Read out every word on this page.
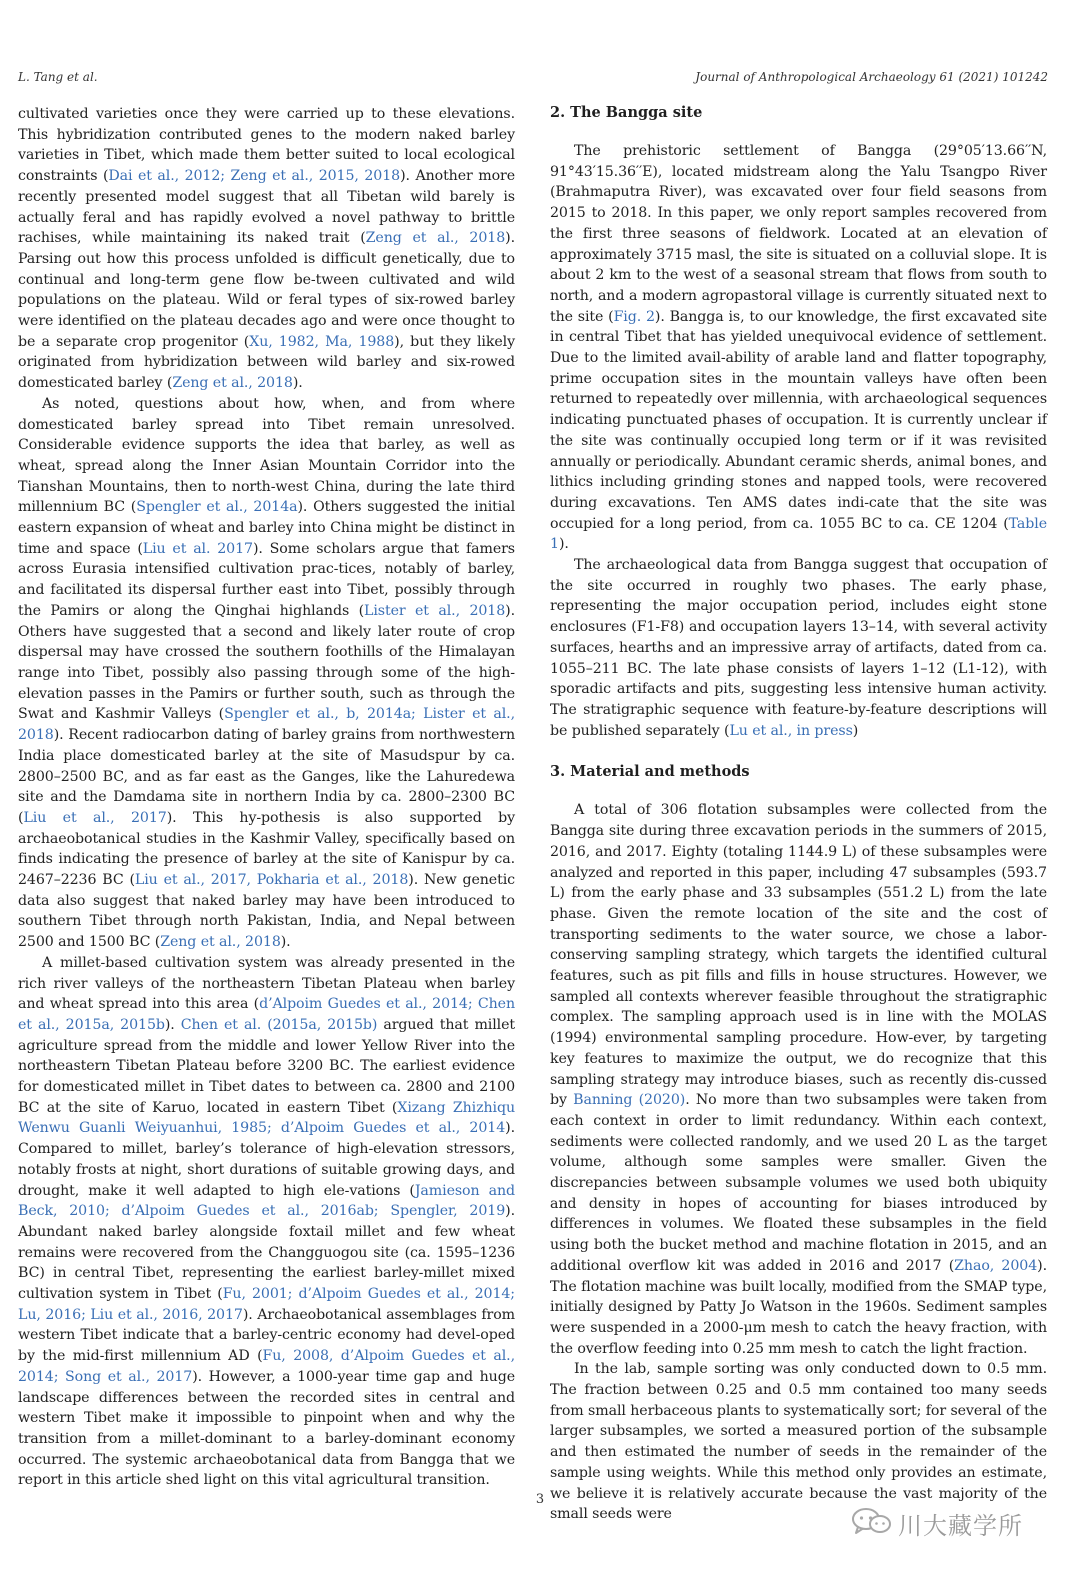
L. Tang et al.	Journal of Anthropological Archaeology 61 (2021) 101242

cultivated varieties once they were carried up to these elevations. This hybridization contributed genes to the modern naked barley varieties in Tibet, which made them better suited to local ecological constraints (Dai et al., 2012; Zeng et al., 2015, 2018). Another more recently presented model suggest that all Tibetan wild barely is actually feral and has rapidly evolved a novel pathway to brittle rachises, while maintaining its naked trait (Zeng et al., 2018). Parsing out how this process unfolded is difficult genetically, due to continual and long-term gene flow be-tween cultivated and wild populations on the plateau. Wild or feral types of six-rowed barley were identified on the plateau decades ago and were once thought to be a separate crop progenitor (Xu, 1982, Ma, 1988), but they likely originated from hybridization between wild barley and six-rowed domesticated barley (Zeng et al., 2018).

As noted, questions about how, when, and from where domesticated barley spread into Tibet remain unresolved. Considerable evidence supports the idea that barley, as well as wheat, spread along the Inner Asian Mountain Corridor into the Tianshan Mountains, then to north-west China, during the late third millennium BC (Spengler et al., 2014a). Others suggested the initial eastern expansion of wheat and barley into China might be distinct in time and space (Liu et al. 2017). Some scholars argue that famers across Eurasia intensified cultivation prac-tices, notably of barley, and facilitated its dispersal further east into Tibet, possibly through the Pamirs or along the Qinghai highlands (Lister et al., 2018). Others have suggested that a second and likely later route of crop dispersal may have crossed the southern foothills of the Himalayan range into Tibet, possibly also passing through some of the high-elevation passes in the Pamirs or further south, such as through the Swat and Kashmir Valleys (Spengler et al., b, 2014a; Lister et al., 2018). Recent radiocarbon dating of barley grains from northwestern India place domesticated barley at the site of Masudspur by ca. 2800–2500 BC, and as far east as the Ganges, like the Lahuredewa site and the Damdama site in northern India by ca. 2800–2300 BC (Liu et al., 2017). This hy-pothesis is also supported by archaeobotanical studies in the Kashmir Valley, specifically based on finds indicating the presence of barley at the site of Kanispur by ca. 2467–2236 BC (Liu et al., 2017, Pokharia et al., 2018). New genetic data also suggest that naked barley may have been introduced to southern Tibet through north Pakistan, India, and Nepal between 2500 and 1500 BC (Zeng et al., 2018).

A millet-based cultivation system was already presented in the rich river valleys of the northeastern Tibetan Plateau when barley and wheat spread into this area (d’Alpoim Guedes et al., 2014; Chen et al., 2015a, 2015b). Chen et al. (2015a, 2015b) argued that millet agriculture spread from the middle and lower Yellow River into the northeastern Tibetan Plateau before 3200 BC. The earliest evidence for domesticated millet in Tibet dates to between ca. 2800 and 2100 BC at the site of Karuo, located in eastern Tibet (Xizang Zhizhiqu Wenwu Guanli Weiyuanhui, 1985; d’Alpoim Guedes et al., 2014). Compared to millet, barley’s tolerance of high-elevation stressors, notably frosts at night, short durations of suitable growing days, and drought, make it well adapted to high ele-vations (Jamieson and Beck, 2010; d’Alpoim Guedes et al., 2016ab; Spengler, 2019). Abundant naked barley alongside foxtail millet and few wheat remains were recovered from the Changguogou site (ca. 1595–1236 BC) in central Tibet, representing the earliest barley-millet mixed cultivation system in Tibet (Fu, 2001; d’Alpoim Guedes et al., 2014; Lu, 2016; Liu et al., 2016, 2017). Archaeobotanical assemblages from western Tibet indicate that a barley-centric economy had devel-oped by the mid-first millennium AD (Fu, 2008, d’Alpoim Guedes et al., 2014; Song et al., 2017). However, a 1000-year time gap and huge landscape differences between the recorded sites in central and western Tibet make it impossible to pinpoint when and why the transition from a millet-dominant to a barley-dominant economy occurred. The systemic archaeobotanical data from Bangga that we report in this article shed light on this vital agricultural transition.

2. The Bangga site

The prehistoric settlement of Bangga (29°05′13.66′′N, 91°43′15.36′′E), located midstream along the Yalu Tsangpo River (Brahmaputra River), was excavated over four field seasons from 2015 to 2018. In this paper, we only report samples recovered from the first three seasons of fieldwork. Located at an elevation of approximately 3715 masl, the site is situated on a colluvial slope. It is about 2 km to the west of a seasonal stream that flows from south to north, and a modern agropastoral village is currently situated next to the site (Fig. 2). Bangga is, to our knowledge, the first excavated site in central Tibet that has yielded unequivocal evidence of settlement. Due to the limited avail-ability of arable land and flatter topography, prime occupation sites in the mountain valleys have often been returned to repeatedly over millennia, with archaeological sequences indicating punctuated phases of occupation. It is currently unclear if the site was continually occupied long term or if it was revisited annually or periodically. Abundant ceramic sherds, animal bones, and lithics including grinding stones and napped tools, were recovered during excavations. Ten AMS dates indi-cate that the site was occupied for a long period, from ca. 1055 BC to ca. CE 1204 (Table 1).

The archaeological data from Bangga suggest that occupation of the site occurred in roughly two phases. The early phase, representing the major occupation period, includes eight stone enclosures (F1-F8) and occupation layers 13–14, with several activity surfaces, hearths and an impressive array of artifacts, dated from ca. 1055–211 BC. The late phase consists of layers 1–12 (L1-12), with sporadic artifacts and pits, suggesting less intensive human activity. The stratigraphic sequence with feature-by-feature descriptions will be published separately (Lu et al., in press)

3. Material and methods

A total of 306 flotation subsamples were collected from the Bangga site during three excavation periods in the summers of 2015, 2016, and 2017. Eighty (totaling 1144.9 L) of these subsamples were analyzed and reported in this paper, including 47 subsamples (593.7 L) from the early phase and 33 subsamples (551.2 L) from the late phase. Given the remote location of the site and the cost of transporting sediments to the water source, we chose a labor-conserving sampling strategy, which targets the identified cultural features, such as pit fills and fills in house structures. However, we sampled all contexts wherever feasible throughout the stratigraphic complex. The sampling approach used is in line with the MOLAS (1994) environmental sampling procedure. How-ever, by targeting key features to maximize the output, we do recognize that this sampling strategy may introduce biases, such as recently dis-cussed by Banning (2020). No more than two subsamples were taken from each context in order to limit redundancy. Within each context, sediments were collected randomly, and we used 20 L as the target volume, although some samples were smaller. Given the discrepancies between subsample volumes we used both ubiquity and density in hopes of accounting for biases introduced by differences in volumes. We floated these subsamples in the field using both the bucket method and machine flotation in 2015, and an additional overflow kit was added in 2016 and 2017 (Zhao, 2004). The flotation machine was built locally, modified from the SMAP type, initially designed by Patty Jo Watson in the 1960s. Sediment samples were suspended in a 2000-μm mesh to catch the heavy fraction, with the overflow feeding into 0.25 mm mesh to catch the light fraction.

In the lab, sample sorting was only conducted down to 0.5 mm. The fraction between 0.25 and 0.5 mm contained too many seeds from small herbaceous plants to systematically sort; for several of the larger subsamples, we sorted a measured portion of the subsample and then estimated the number of seeds in the remainder of the sample using weights. While this method only provides an estimate, we believe it is relatively accurate because the vast majority of the small seeds were

3
川大藏学所
